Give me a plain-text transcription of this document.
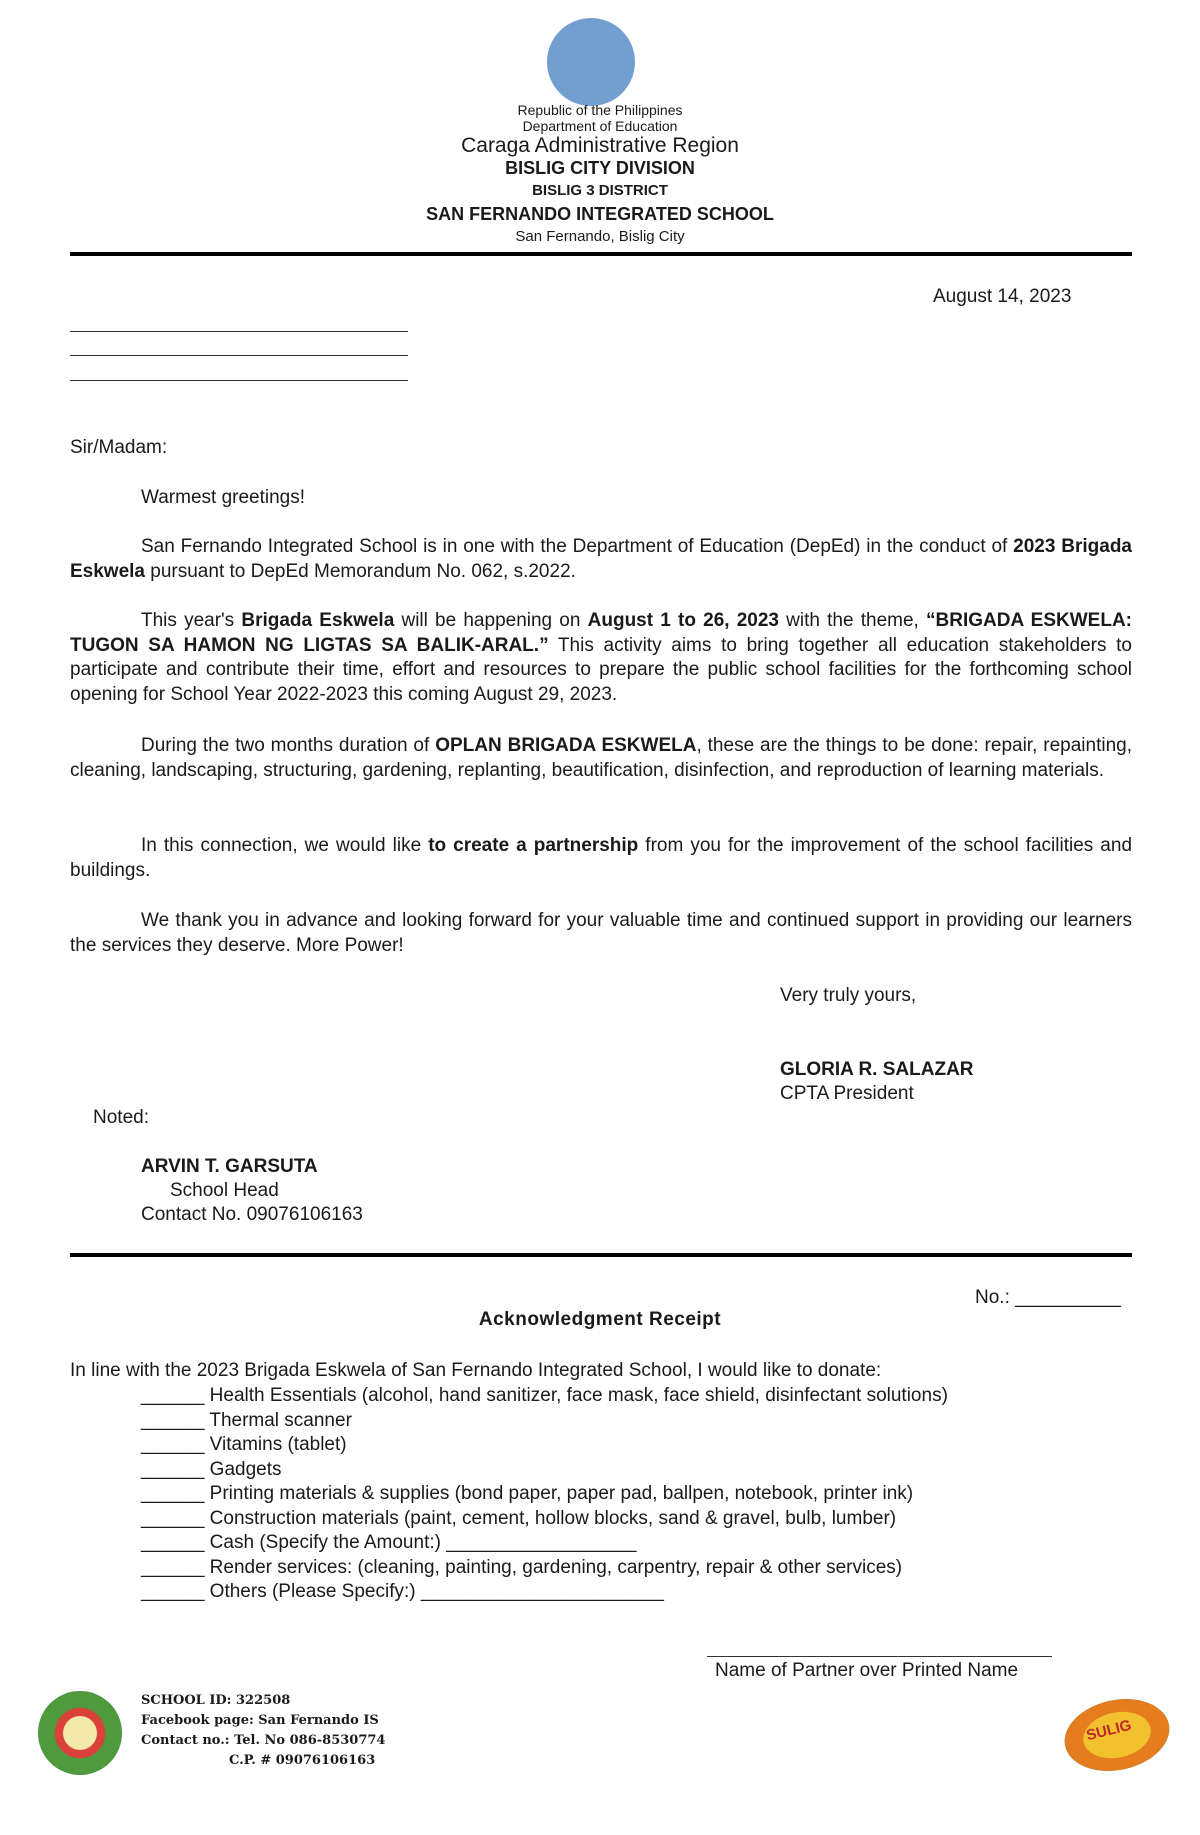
Republic of the Philippines
Department of Education
Caraga Administrative Region
BISLIG CITY DIVISION
BISLIG 3 DISTRICT
SAN FERNANDO INTEGRATED SCHOOL
San Fernando, Bislig City
August 14, 2023
Sir/Madam:
Warmest greetings!
San Fernando Integrated School is in one with the Department of Education (DepEd) in the conduct of 2023 Brigada Eskwela pursuant to DepEd Memorandum No. 062, s.2022.
This year's Brigada Eskwela will be happening on August 1 to 26, 2023 with the theme, “BRIGADA ESKWELA: TUGON SA HAMON NG LIGTAS SA BALIK-ARAL.” This activity aims to bring together all education stakeholders to participate and contribute their time, effort and resources to prepare the public school facilities for the forthcoming school opening for School Year 2022-2023 this coming August 29, 2023.
During the two months duration of OPLAN BRIGADA ESKWELA, these are the things to be done: repair, repainting, cleaning, landscaping, structuring, gardening, replanting, beautification, disinfection, and reproduction of learning materials.
In this connection, we would like to create a partnership from you for the improvement of the school facilities and buildings.
We thank you in advance and looking forward for your valuable time and continued support in providing our learners the services they deserve. More Power!
Very truly yours,
GLORIA R. SALAZAR
CPTA President
Noted:
ARVIN T. GARSUTA
School Head
Contact No. 09076106163
No.: __________
Acknowledgment Receipt
In line with the 2023 Brigada Eskwela of San Fernando Integrated School, I would like to donate:
______ Health Essentials (alcohol, hand sanitizer, face mask, face shield, disinfectant solutions)
______ Thermal scanner
______ Vitamins (tablet)
______ Gadgets
______ Printing materials & supplies (bond paper, paper pad, ballpen, notebook, printer ink)
______ Construction materials (paint, cement, hollow blocks, sand & gravel, bulb, lumber)
______ Cash (Specify the Amount:) __________________
______ Render services: (cleaning, painting, gardening, carpentry, repair & other services)
______ Others (Please Specify:) _______________________
Name of Partner over Printed Name
SCHOOL ID: 322508
Facebook page: San Fernando IS
Contact no.: Tel. No 086-8530774
C.P. # 09076106163
SULIG
